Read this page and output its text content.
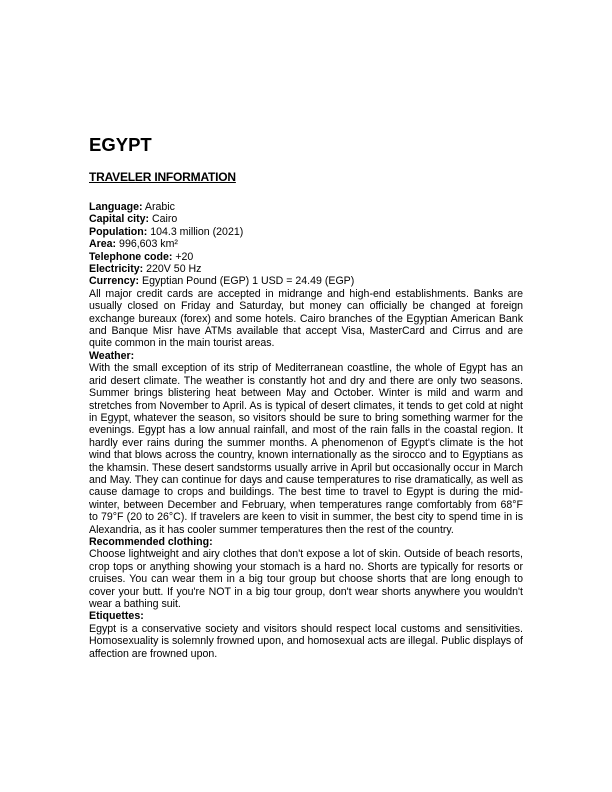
EGYPT
TRAVELER INFORMATION
Language: Arabic
Capital city: Cairo
Population: 104.3 million (2021)
Area: 996,603 km²
Telephone code: +20
Electricity: 220V 50 Hz
Currency: Egyptian Pound (EGP) 1 USD = 24.49 (EGP)

All major credit cards are accepted in midrange and high-end establishments. Banks are usually closed on Friday and Saturday, but money can officially be changed at foreign exchange bureaux (forex) and some hotels. Cairo branches of the Egyptian American Bank and Banque Misr have ATMs available that accept Visa, MasterCard and Cirrus and are quite common in the main tourist areas.

Weather:

With the small exception of its strip of Mediterranean coastline, the whole of Egypt has an arid desert climate. The weather is constantly hot and dry and there are only two seasons. Summer brings blistering heat between May and October. Winter is mild and warm and stretches from November to April. As is typical of desert climates, it tends to get cold at night in Egypt, whatever the season, so visitors should be sure to bring something warmer for the evenings. Egypt has a low annual rainfall, and most of the rain falls in the coastal region. It hardly ever rains during the summer months. A phenomenon of Egypt's climate is the hot wind that blows across the country, known internationally as the sirocco and to Egyptians as the khamsin. These desert sandstorms usually arrive in April but occasionally occur in March and May. They can continue for days and cause temperatures to rise dramatically, as well as cause damage to crops and buildings. The best time to travel to Egypt is during the mid-winter, between December and February, when temperatures range comfortably from 68°F to 79°F (20 to 26°C). If travelers are keen to visit in summer, the best city to spend time in is Alexandria, as it has cooler summer temperatures then the rest of the country.

Recommended clothing:

Choose lightweight and airy clothes that don't expose a lot of skin. Outside of beach resorts, crop tops or anything showing your stomach is a hard no. Shorts are typically for resorts or cruises. You can wear them in a big tour group but choose shorts that are long enough to cover your butt. If you're NOT in a big tour group, don't wear shorts anywhere you wouldn't wear a bathing suit.

Etiquettes:

Egypt is a conservative society and visitors should respect local customs and sensitivities. Homosexuality is solemnly frowned upon, and homosexual acts are illegal. Public displays of affection are frowned upon.
